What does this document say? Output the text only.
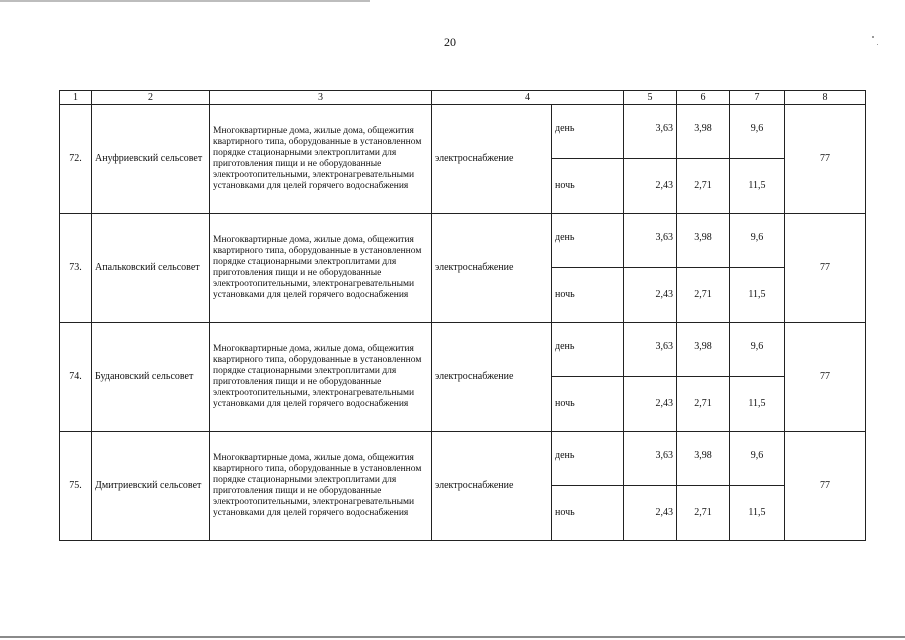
20
1	2	3	4		5	6	7	8
72.	Ануфриевский сельсовет	Многоквартирные дома, жилые дома, общежития квартирного типа, оборудованные в установленном порядке стационарными электроплитами для приготовления пищи и не оборудованные электроотопительными, электронагревательными установками для целей горячего водоснабжения	электроснабжение	день	3,63	3,98	9,6	77
				ночь	2,43	2,71	11,5	
73.	Апальковский сельсовет	Многоквартирные дома, жилые дома, общежития квартирного типа, оборудованные в установленном порядке стационарными электроплитами для приготовления пищи и не оборудованные электроотопительными, электронагревательными установками для целей горячего водоснабжения	электроснабжение	день	3,63	3,98	9,6	77
				ночь	2,43	2,71	11,5	
74.	Будановский сельсовет	Многоквартирные дома, жилые дома, общежития квартирного типа, оборудованные в установленном порядке стационарными электроплитами для приготовления пищи и не оборудованные электроотопительными, электронагревательными установками для целей горячего водоснабжения	электроснабжение	день	3,63	3,98	9,6	77
				ночь	2,43	2,71	11,5	
75.	Дмитриевский сельсовет	Многоквартирные дома, жилые дома, общежития квартирного типа, оборудованные в установленном порядке стационарными электроплитами для приготовления пищи и не оборудованные электроотопительными, электронагревательными установками для целей горячего водоснабжения	электроснабжение	день	3,63	3,98	9,6	77
				ночь	2,43	2,71	11,5	
